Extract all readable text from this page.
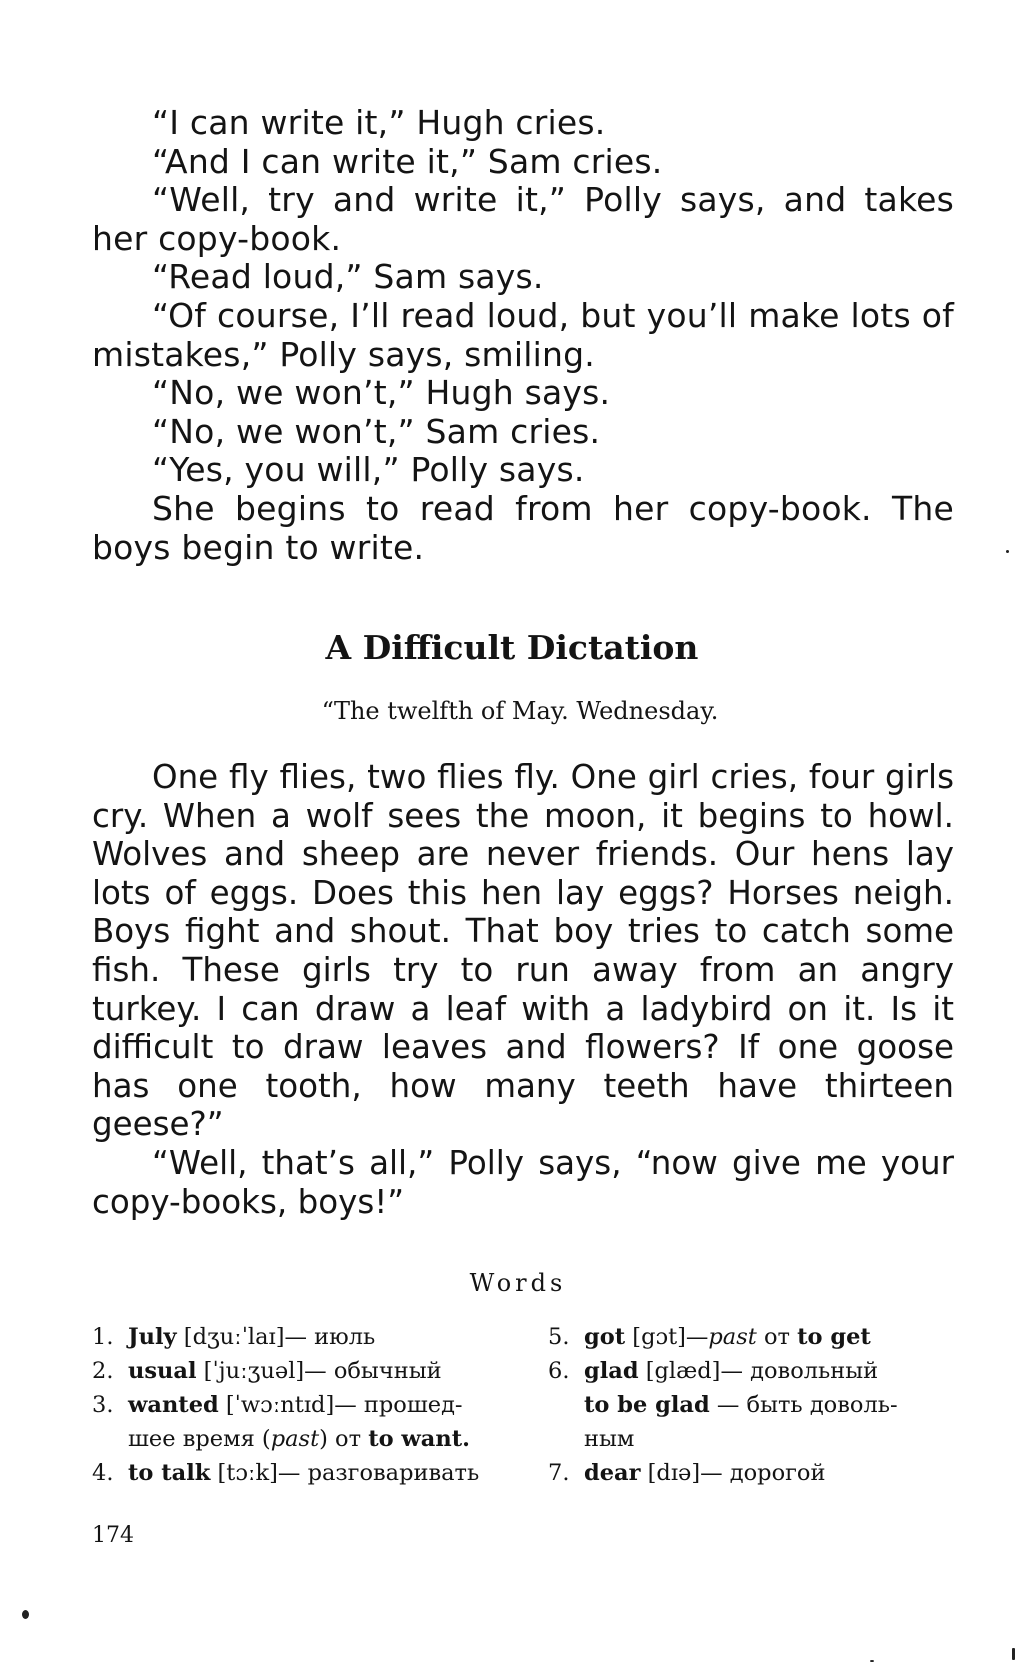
“I can write it,” Hugh cries.

“And I can write it,” Sam cries.

“Well, try and write it,” Polly says, and takes her copy-book.

“Read loud,” Sam says.

“Of course, I’ll read loud, but you’ll make lots of mistakes,” Polly says, smiling.

“No, we won’t,” Hugh says.

“No, we won’t,” Sam cries.

“Yes, you will,” Polly says.

She begins to read from her copy-book. The boys begin to write.

A Difficult Dictation
“The twelfth of May. Wednesday.

One fly flies, two flies fly. One girl cries, four girls cry. When a wolf sees the moon, it begins to howl. Wolves and sheep are never friends. Our hens lay lots of eggs. Does this hen lay eggs? Horses neigh. Boys fight and shout. That boy tries to catch some fish. These girls try to run away from an angry turkey. I can draw a leaf with a ladybird on it. Is it difficult to draw leaves and flowers? If one goose has one tooth, how many teeth have thirteen geese?”

“Well, that’s all,” Polly says, “now give me your copy-books, boys!”

Words
1. July [dʒuːˈlaɪ]— июль
2. usual [ˈjuːʒuəl]— обычный
3. wanted [ˈwɔːntɪd]— прошед-
шее время (past) от to want.
4. to talk [tɔːk]— разговаривать
5. got [gɔt]—past от to get
6. glad [glæd]— довольный
to be glad — быть доволь-
ным
7. dear [dɪə]— дорогой
174
